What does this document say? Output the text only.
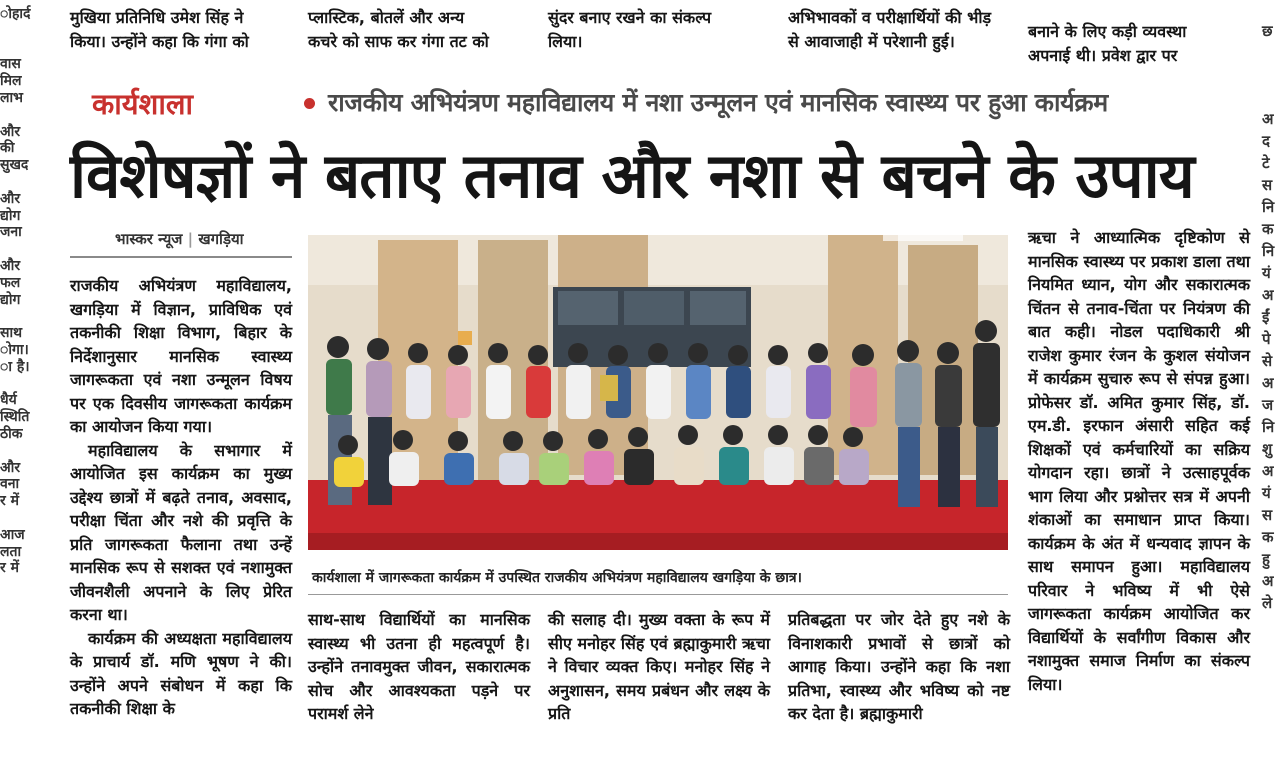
मुखिया प्रतिनिधि उमेश सिंह ने
किया। उन्होंने कहा कि गंगा को
प्लास्टिक, बोतलें और अन्य
कचरे को साफ कर गंगा तट को
सुंदर बनाए रखने का संकल्प
लिया।
अभिभावकों व परीक्षार्थियों की भीड़
से आवाजाही में परेशानी हुई।	बनाने के लिए कड़ी व्यवस्था
अपनाई थी। प्रवेश द्वार पर
ोहार्द

वास
मिल
लाभ

और
की
सुखद

और
द्योग
जना

और
फल
द्योग

साथ
ोगा।
ा है।

धैर्य
स्थिति
ठीक

और
वना
र में

आज
लता
र में
छ

अ
द
टे
स
नि
क
नि
यं
अ
ईं
पे
से
अ
ज
नि
शु
अ
यं
स
क
हु
अ
ले
कार्यशाला	राजकीय अभियंत्रण महाविद्यालय में नशा उन्मूलन एवं मानसिक स्वास्थ्य पर हुआ कार्यक्रम
विशेषज्ञों ने बताए तनाव और नशा से बचने के उपाय
भास्कर न्यूज | खगड़िया

राजकीय अभियंत्रण महाविद्यालय, खगड़िया में विज्ञान, प्राविधिक एवं तकनीकी शिक्षा विभाग, बिहार के निर्देशानुसार मानसिक स्वास्थ्य जागरूकता एवं नशा उन्मूलन विषय पर एक दिवसीय जागरूकता कार्यक्रम का आयोजन किया गया।

महाविद्यालय के सभागार में आयोजित इस कार्यक्रम का मुख्य उद्देश्य छात्रों में बढ़ते तनाव, अवसाद, परीक्षा चिंता और नशे की प्रवृत्ति के प्रति जागरूकता फैलाना तथा उन्हें मानसिक रूप से सशक्त एवं नशामुक्त जीवनशैली अपनाने के लिए प्रेरित करना था।

कार्यक्रम की अध्यक्षता महाविद्यालय के प्राचार्य डॉ. मणि भूषण ने की। उन्होंने अपने संबोधन में कहा कि तकनीकी शिक्षा के

कार्यशाला में जागरूकता कार्यक्रम में उपस्थित राजकीय अभियंत्रण महाविद्यालय खगड़िया के छात्र।

साथ-साथ विद्यार्थियों का मानसिक स्वास्थ्य भी उतना ही महत्वपूर्ण है। उन्होंने तनावमुक्त जीवन, सकारात्मक सोच और आवश्यकता पड़ने पर परामर्श लेने

की सलाह दी। मुख्य वक्ता के रूप में सीए मनोहर सिंह एवं ब्रह्माकुमारी ऋचा ने विचार व्यक्त किए। मनोहर सिंह ने अनुशासन, समय प्रबंधन और लक्ष्य के प्रति

प्रतिबद्धता पर जोर देते हुए नशे के विनाशकारी प्रभावों से छात्रों को आगाह किया। उन्होंने कहा कि नशा प्रतिभा, स्वास्थ्य और भविष्य को नष्ट कर देता है। ब्रह्माकुमारी

ऋचा ने आध्यात्मिक दृष्टिकोण से मानसिक स्वास्थ्य पर प्रकाश डाला तथा नियमित ध्यान, योग और सकारात्मक चिंतन से तनाव-चिंता पर नियंत्रण की बात कही। नोडल पदाधिकारी श्री राजेश कुमार रंजन के कुशल संयोजन में कार्यक्रम सुचारु रूप से संपन्न हुआ। प्रोफेसर डॉ. अमित कुमार सिंह, डॉ. एम.डी. इरफान अंसारी सहित कई शिक्षकों एवं कर्मचारियों का सक्रिय योगदान रहा। छात्रों ने उत्साहपूर्वक भाग लिया और प्रश्नोत्तर सत्र में अपनी शंकाओं का समाधान प्राप्त किया। कार्यक्रम के अंत में धन्यवाद ज्ञापन के साथ समापन हुआ। महाविद्यालय परिवार ने भविष्य में भी ऐसे जागरूकता कार्यक्रम आयोजित कर विद्यार्थियों के सर्वांगीण विकास और नशामुक्त समाज निर्माण का संकल्प लिया।
